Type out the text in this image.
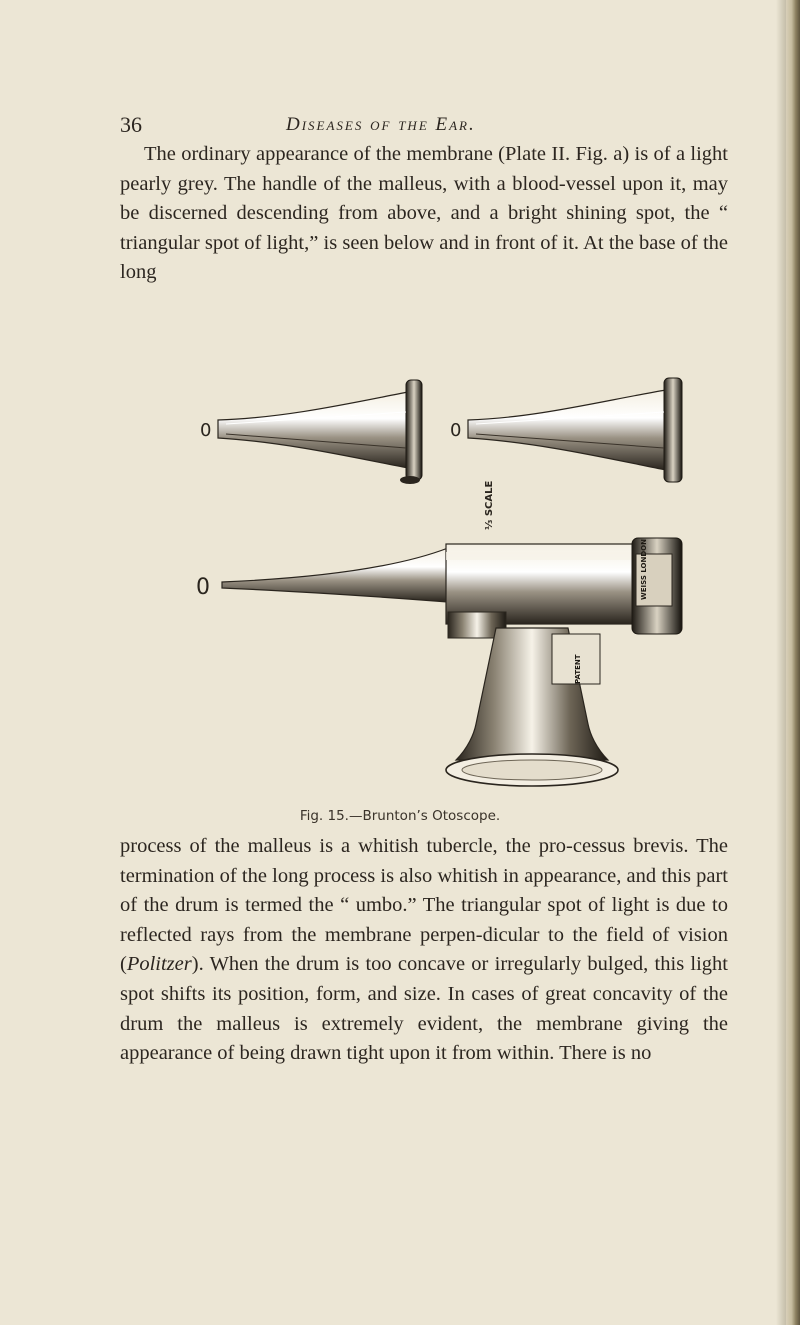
36	Diseases of the Ear.
The ordinary appearance of the membrane (Plate II. Fig. a) is of a light pearly grey. The handle of the malleus, with a blood-vessel upon it, may be discerned descending from above, and a bright shining spot, the “ triangular spot of light,” is seen below and in front of it. At the base of the long
0	0
⅓ SCALE
WEISS LONDON
0
PATENT
Fig. 15.—Brunton’s Otoscope.
process of the malleus is a whitish tubercle, the pro-cessus brevis. The termination of the long process is also whitish in appearance, and this part of the drum is termed the “ umbo.” The triangular spot of light is due to reflected rays from the membrane perpen-dicular to the field of vision (Politzer). When the drum is too concave or irregularly bulged, this light spot shifts its position, form, and size. In cases of great concavity of the drum the malleus is extremely evident, the membrane giving the appearance of being drawn tight upon it from within. There is no
